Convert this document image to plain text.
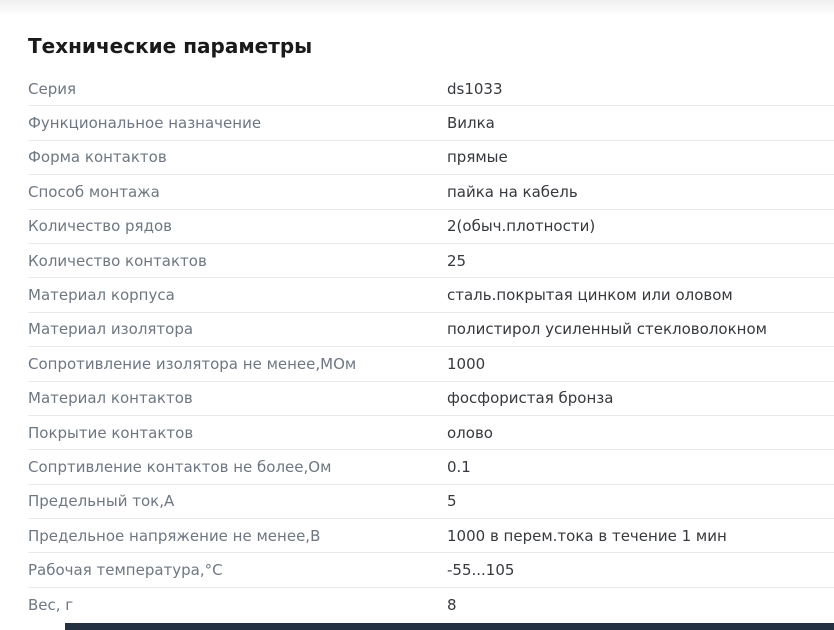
Технические параметры
Серия	ds1033
Функциональное назначение	Вилка
Форма контактов	прямые
Способ монтажа	пайка на кабель
Количество рядов	2(обыч.плотности)
Количество контактов	25
Материал корпуса	сталь.покрытая цинком или оловом
Материал изолятора	полистирол усиленный стекловолокном
Сопротивление изолятора не менее,МОм	1000
Материал контактов	фосфористая бронза
Покрытие контактов	олово
Сопртивление контактов не более,Ом	0.1
Предельный ток,А	5
Предельное напряжение не менее,В	1000 в перем.тока в течение 1 мин
Рабочая температура,°С	-55...105
Вес, г	8
